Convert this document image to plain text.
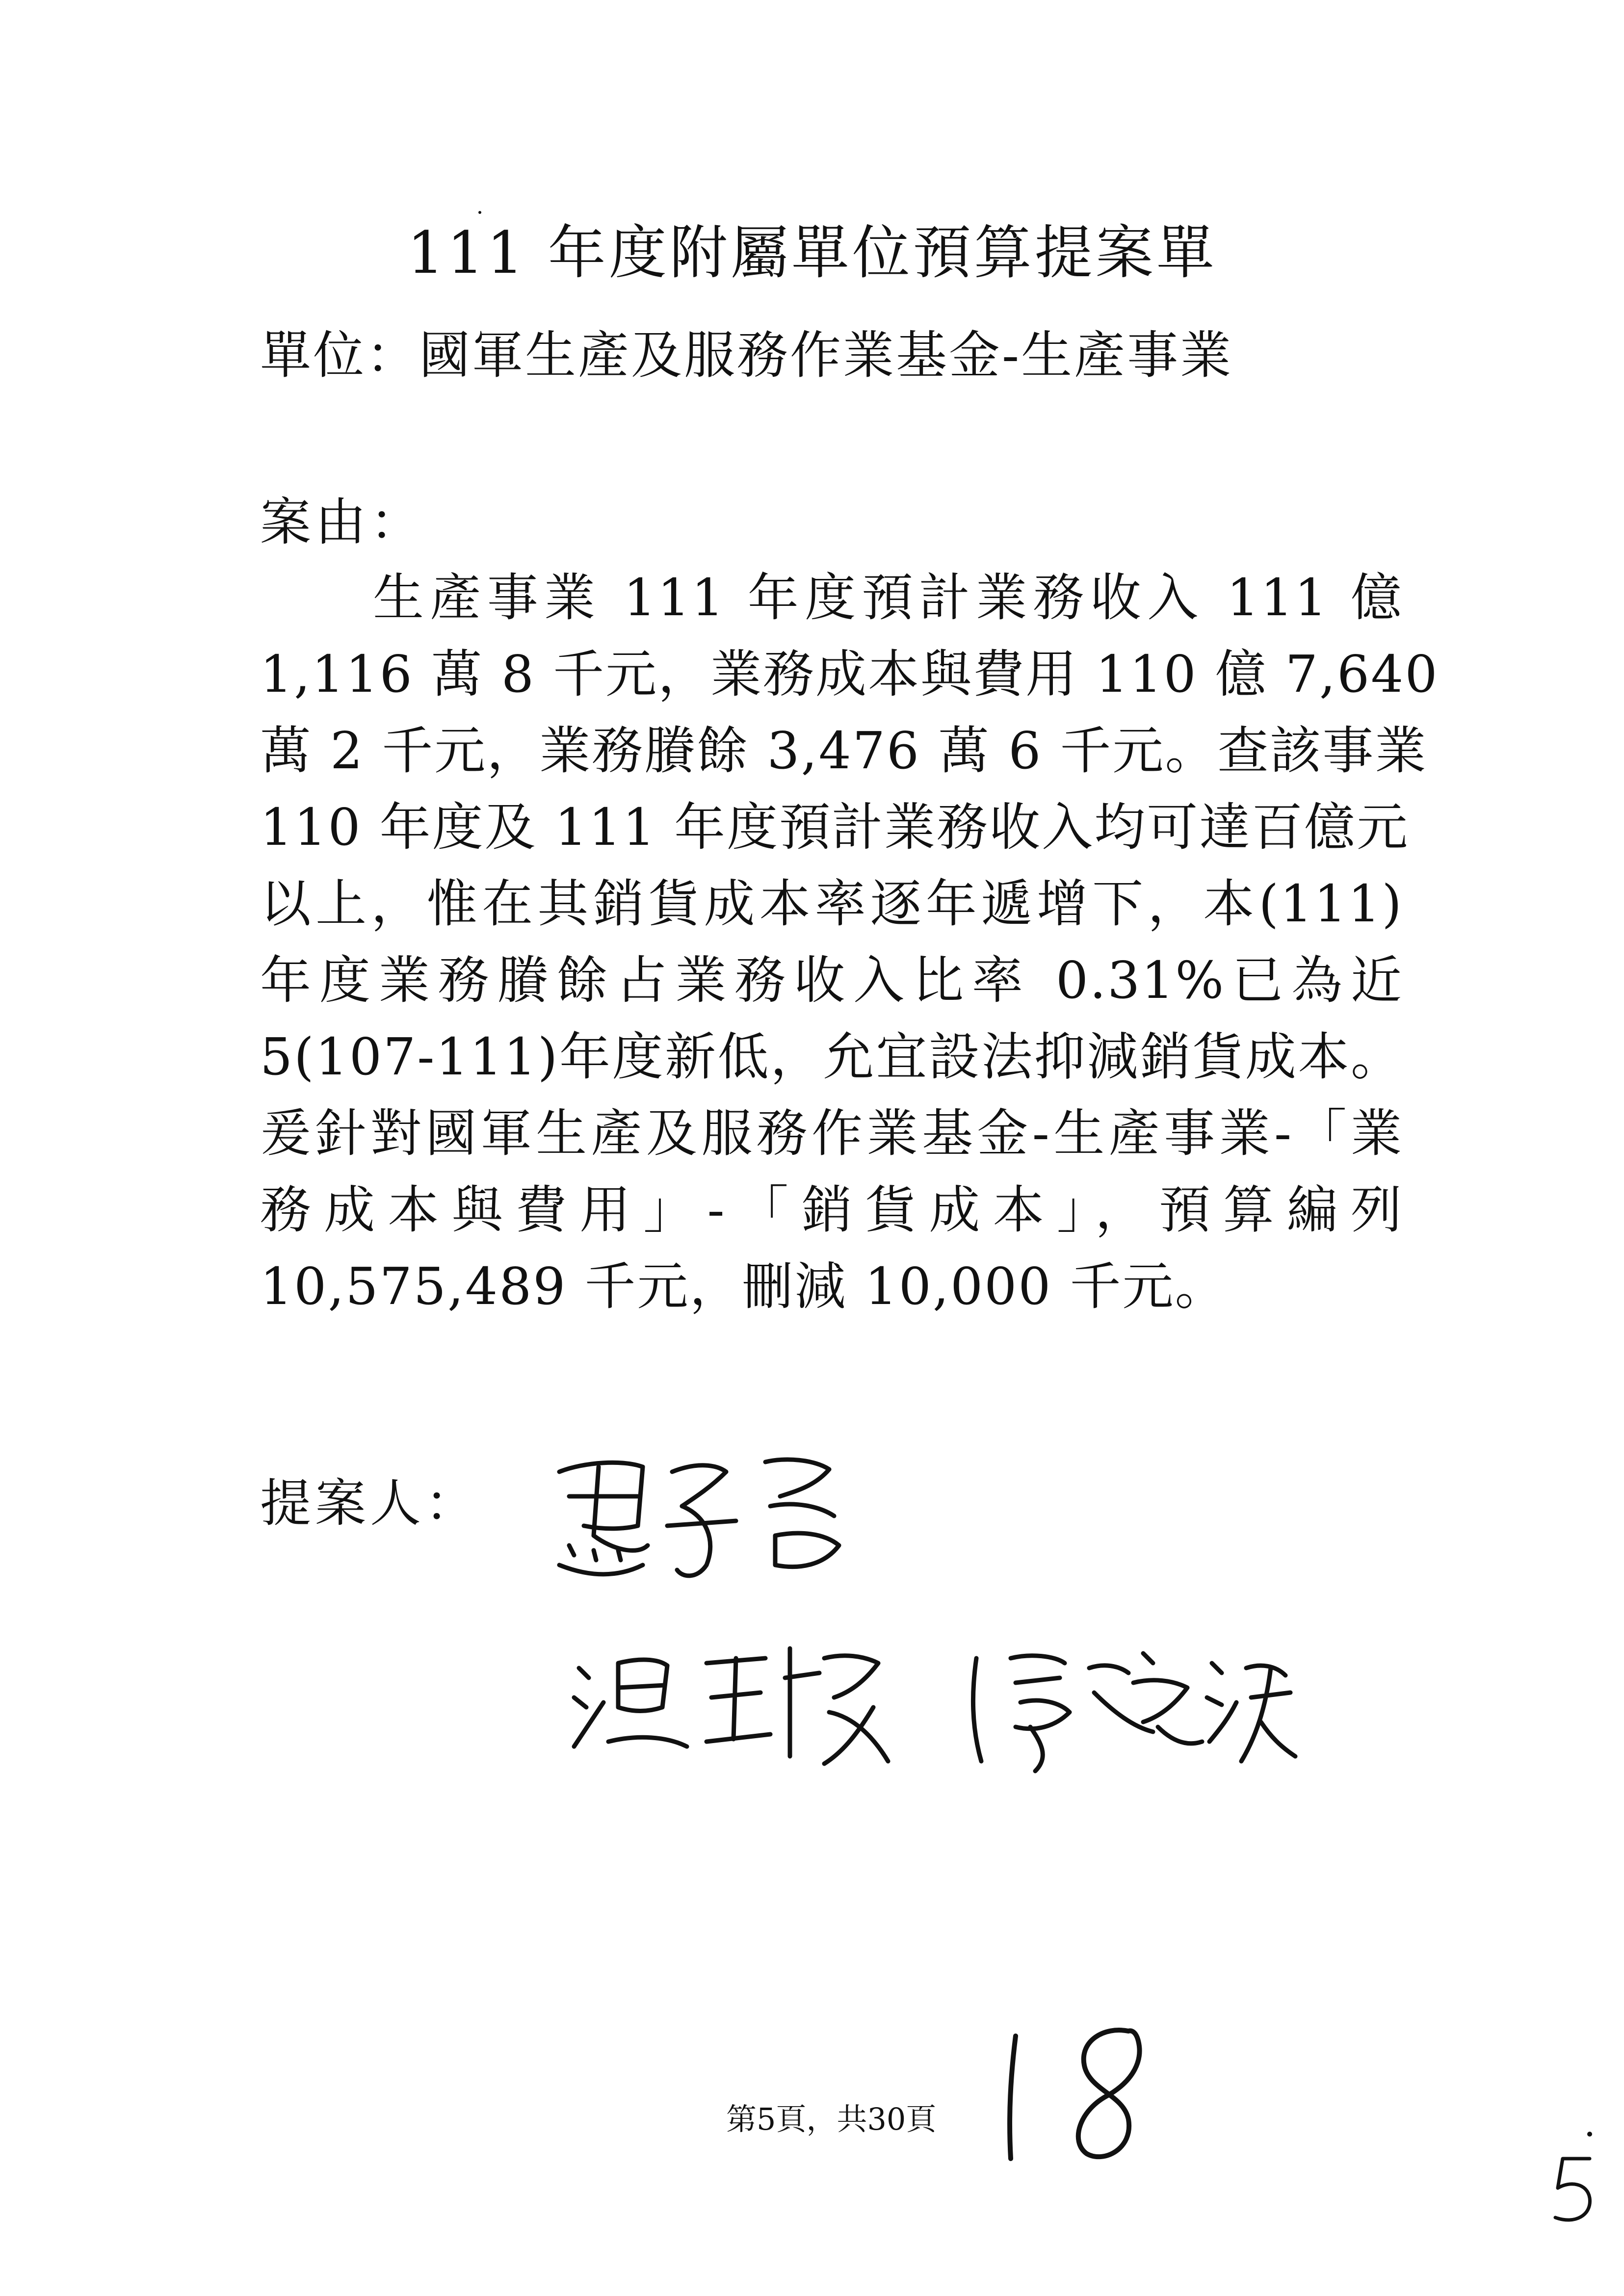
111 年度附屬單位預算提案單
單位：國軍生產及服務作業基金-生產事業
案由：
生產事業 111 年度預計業務收入 111 億
1,116 萬 8 千元，業務成本與費用 110 億 7,640
萬 2 千元，業務賸餘 3,476 萬 6 千元。查該事業
110 年度及 111 年度預計業務收入均可達百億元
以上，惟在其銷貨成本率逐年遞增下，本(111)
年度業務賸餘占業務收入比率 0.31%已為近
5(107-111)年度新低，允宜設法抑減銷貨成本。
爰針對國軍生產及服務作業基金-生產事業-「業
務成本與費用」-「銷貨成本」，預算編列
10,575,489 千元，刪減 10,000 千元。
提案人：
第5頁，共30頁
